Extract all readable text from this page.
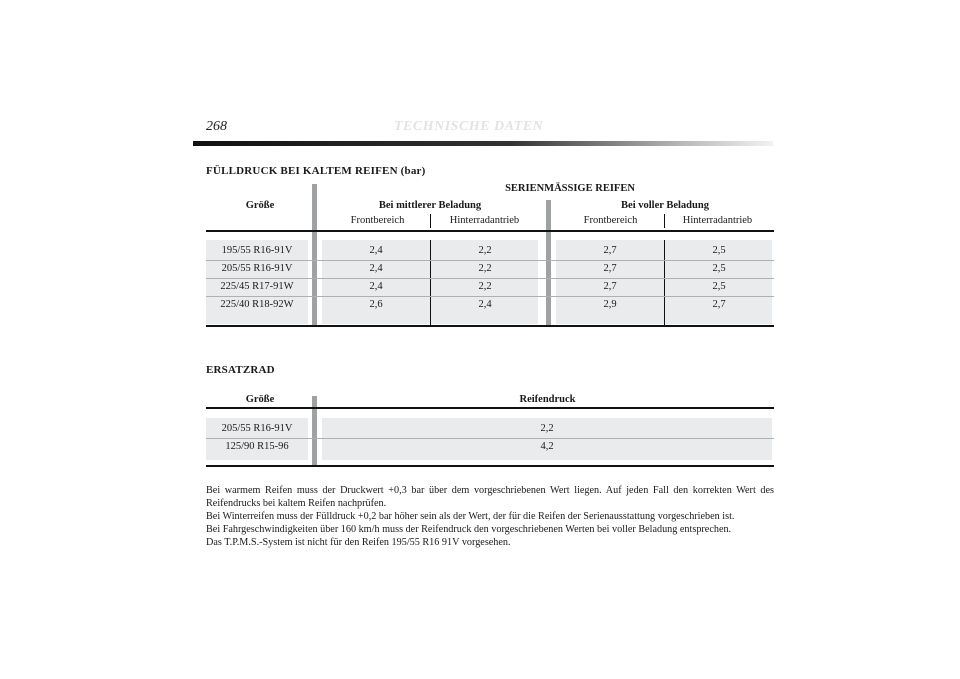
268	TECHNISCHE DATEN
FÜLLDRUCK BEI KALTEM REIFEN (bar)
SERIENMÄSSIGE REIFEN
Größe	Bei mittlerer Beladung	Bei voller Beladung
Frontbereich	Hinterradantrieb	Frontbereich	Hinterradantrieb
195/55 R16-91V	2,4	2,2	2,7	2,5
205/55 R16-91V	2,4	2,2	2,7	2,5
225/45 R17-91W	2,4	2,2	2,7	2,5
225/40 R18-92W	2,6	2,4	2,9	2,7
ERSATZRAD
Größe	Reifendruck
205/55 R16-91V	2,2
125/90 R15-96	4,2

Bei warmem Reifen muss der Druckwert +0,3 bar über dem vorgeschriebenen Wert liegen. Auf jeden Fall den korrekten Wert des Reifendrucks bei kaltem Reifen nachprüfen.

Bei Winterreifen muss der Fülldruck +0,2 bar höher sein als der Wert, der für die Reifen der Serienausstattung vorgeschrieben ist.

Bei Fahrgeschwindigkeiten über 160 km/h muss der Reifendruck den vorgeschriebenen Werten bei voller Beladung entsprechen.

Das T.P.M.S.-System ist nicht für den Reifen 195/55 R16 91V vorgesehen.
